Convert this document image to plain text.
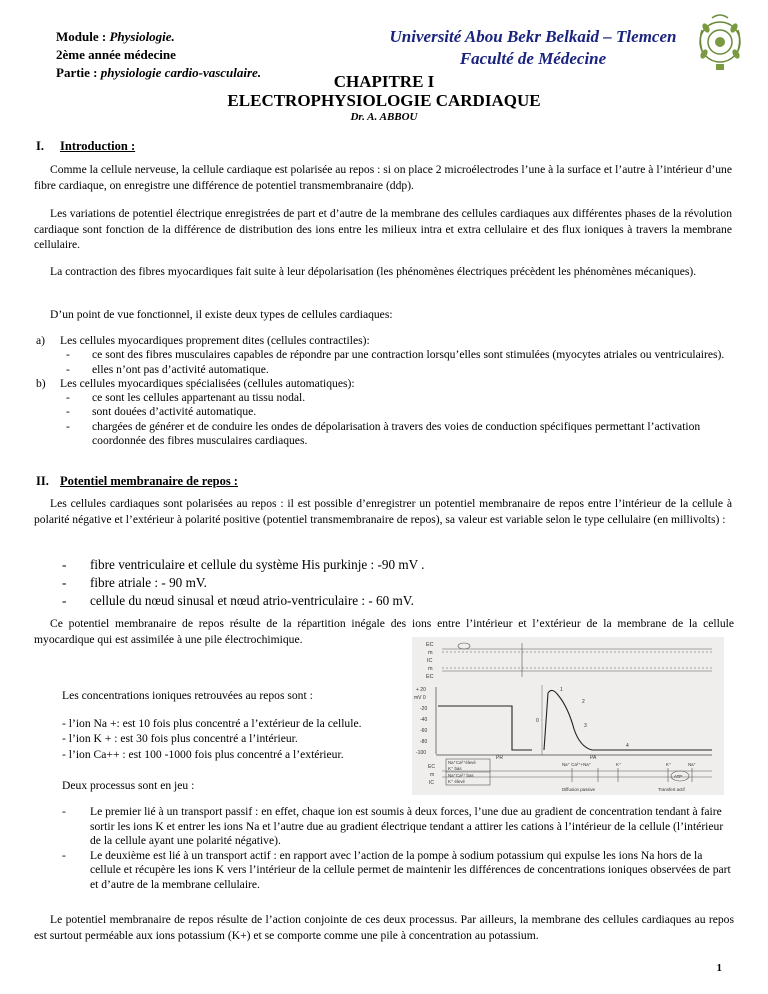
Module : Physiologie.
2ème année médecine
Partie : physiologie cardio-vasculaire.
Université Abou Bekr Belkaid – Tlemcen
Faculté de Médecine
CHAPITRE I
ELECTROPHYSIOLOGIE CARDIAQUE
Dr. A. ABBOU
I. Introduction :

Comme la cellule nerveuse, la cellule cardiaque est polarisée au repos : si on place 2 microélectrodes l’une à la surface et l’autre à l’intérieur d’une fibre cardiaque, on enregistre une différence de potentiel transmembranaire (ddp).

Les variations de potentiel électrique enregistrées de part et d’autre de la membrane des cellules cardiaques aux différentes phases de la révolution cardiaque sont fonction de la différence de distribution des ions entre les milieux intra et extra cellulaire et des flux ioniques à travers la membrane cellulaire.

La contraction des fibres myocardiques fait suite à leur dépolarisation (les phénomènes électriques précèdent les phénomènes mécaniques).

D’un point de vue fonctionnel, il existe deux types de cellules cardiaques:

a)	Les cellules myocardiques proprement dites (cellules contractiles):
-	ce sont des fibres musculaires capables de répondre par une contraction lorsqu’elles sont stimulées (myocytes atriales ou ventriculaires).
-	elles n’ont pas d’activité automatique.
b)	Les cellules myocardiques spécialisées (cellules automatiques):
-	ce sont les cellules appartenant au tissu nodal.
-	sont douées d’activité automatique.
-	chargées de générer et de conduire les ondes de dépolarisation à travers des voies de conduction spécifiques permettant l’activation coordonnée des fibres musculaires cardiaques.
II. Potentiel membranaire de repos :

Les cellules cardiaques sont polarisées au repos : il est possible d’enregistrer un potentiel membranaire de repos entre l’intérieur de la cellule à polarité négative et l’extérieur à polarité positive (potentiel transmembranaire de repos), sa valeur est variable selon le type cellulaire (en millivolts) :

-	fibre ventriculaire et cellule du système His purkinje : -90 mV .
-	fibre atriale : - 90 mV.
-	cellule du nœud sinusal et nœud atrio-ventriculaire : - 60 mV.

Ce potentiel membranaire de repos résulte de la répartition inégale des ions entre l’intérieur et l’extérieur de la membrane de la cellule myocardique qui est assimilée à une pile électrochimique.

Les concentrations ioniques retrouvées au repos sont :
- l’ion Na +: est 10 fois plus concentré a l’extérieur de la cellule.
- l’ion K + : est 30 fois plus concentré a l’intérieur.
- l’ion Ca++ : est 100 -1000 fois plus concentré a l’extérieur.
Deux processus sont en jeu :
EC
m
IC
m
EC
+ 20
mV 0
-20
-40
-60
-80
-100
0
1
2
3
4
PR	PA
EC
m
IC
Na⁺Ca²⁺élevé
K⁺ bas
Na⁺Ca²⁺ bas
K⁺ élevé
Na⁺ Ca²⁺+Na⁺	K⁺	K⁺	Na⁺
ATP
Diffusion passive	Transfert actif
-	Le premier lié à un transport passif : en effet, chaque ion est soumis à deux forces, l’une due au gradient de concentration tendant à faire sortir les ions K et entrer les ions Na et l’autre due au gradient électrique tendant a attirer les cations à l’intérieur de la cellule (l’intérieur de la cellule ayant une polarité négative).
-	Le deuxième est lié à un transport actif : en rapport avec l’action de la pompe à sodium potassium qui expulse les ions Na hors de la cellule et récupère les ions K vers l’intérieur de la cellule permet de maintenir les différences de concentrations ioniques observées de part et d’autre de la membrane cellulaire.

Le potentiel membranaire de repos résulte de l’action conjointe de ces deux processus. Par ailleurs, la membrane des cellules cardiaques au repos est surtout perméable aux ions potassium (K+) et se comporte comme une pile à concentration au potassium.

1
